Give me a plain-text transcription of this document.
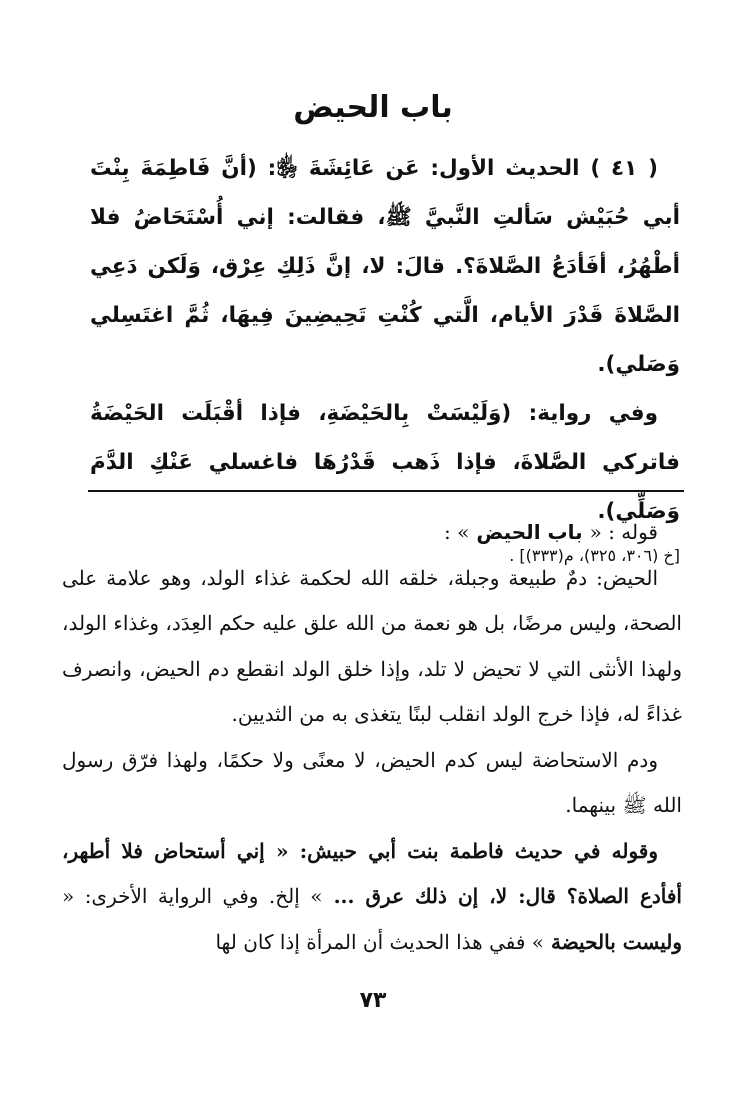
باب الحيض

( ٤١ ) الحديث الأول: عَن عَائِشَةَ ﵂: (أنَّ فَاطِمَةَ بِنْتَ أبي حُبَيْش سَألتِ النَّبيَّ ﷺ، فقالت: إني أُسْتَحَاضُ فلا أطْهُرُ، أفَأدَعُ الصَّلاةَ؟. قالَ: لا، إنَّ ذَلِكِ عِرْق، وَلَكن دَعِي الصَّلاةَ قَدْرَ الأيام، الَّتي كُنْتِ تَحِيضِينَ فِيهَا، ثُمَّ اغتَسِلي وَصَلي).

وفي رواية: (وَلَيْسَتْ بِالحَيْضَةِ، فإذا أقْبَلَت الحَيْضَةُ فاتركي الصَّلاةَ، فإذا ذَهب قَدْرُهَا فاغسلي عَنْكِ الدَّمَ وَصَلِّي).
[خ (٣٠٦، ٣٢٥)، م(٣٣٣)] .

قوله : « باب الحيض » :

الحيض: دمٌ طبيعة وجبلة، خلقه الله لحكمة غذاء الولد، وهو علامة على الصحة، وليس مرضًا، بل هو نعمة من الله علق عليه حكم العِدَد، وغذاء الولد، ولهذا الأنثى التي لا تحيض لا تلد، وإذا خلق الولد انقطع دم الحيض، وانصرف غذاءً له، فإذا خرج الولد انقلب لبنًا يتغذى به من الثديين.

ودم الاستحاضة ليس كدم الحيض، لا معنًى ولا حكمًا، ولهذا فرّق رسول الله ﷺ بينهما.

وقوله في حديث فاطمة بنت أبي حبيش: « إني أستحاض فلا أطهر، أفأدع الصلاة؟ قال: لا، إن ذلك عرق ... » إلخ. وفي الرواية الأخرى: « وليست بالحيضة » ففي هذا الحديث أن المرأة إذا كان لها

٧٣
